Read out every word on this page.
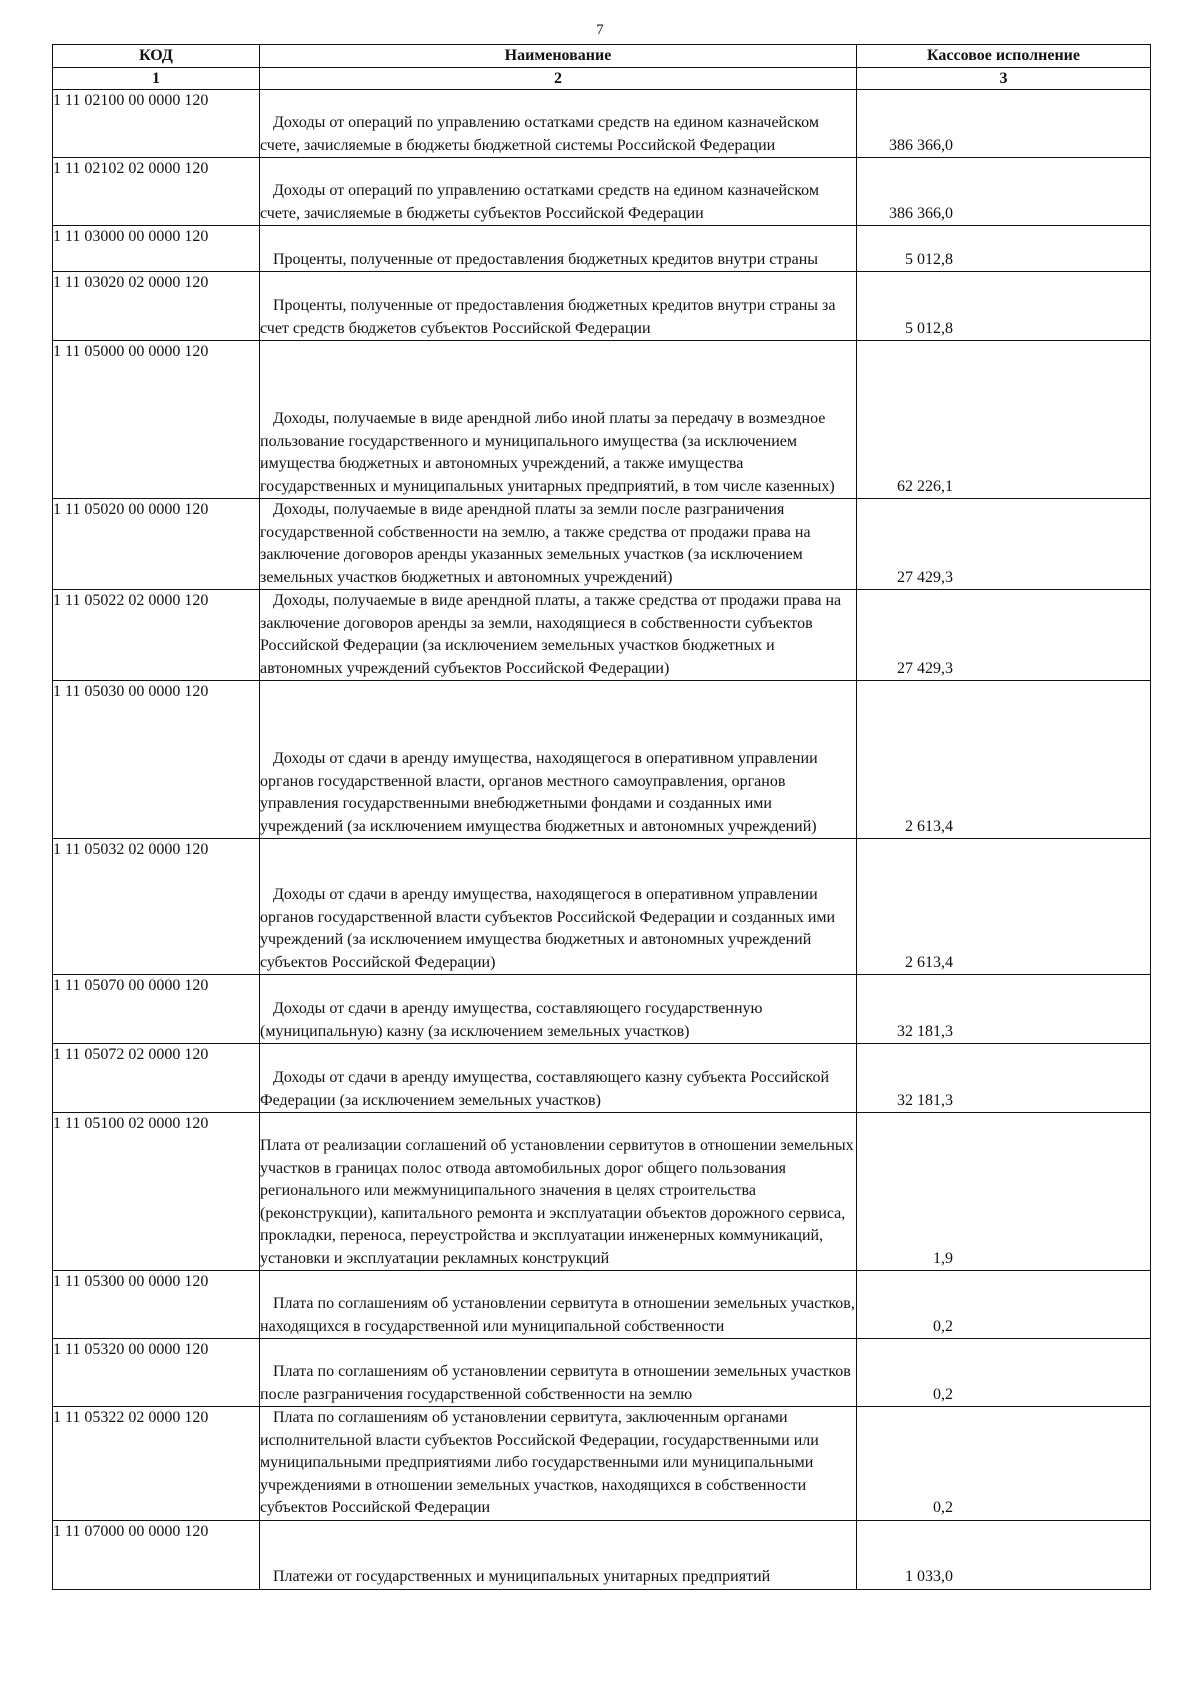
7
КОД	Наименование	Кассовое исполнение
1	2	3
1 11 02100 00 0000 120	Доходы от операций по управлению остатками средств на едином казначейском счете, зачисляемые в бюджеты бюджетной системы Российской Федерации	386 366,0
1 11 02102 02 0000 120	Доходы от операций по управлению остатками средств на едином казначейском счете, зачисляемые в бюджеты субъектов Российской Федерации	386 366,0
1 11 03000 00 0000 120	Проценты, полученные от предоставления бюджетных кредитов внутри страны	5 012,8
1 11 03020 02 0000 120	Проценты, полученные от предоставления бюджетных кредитов внутри страны за счет средств бюджетов субъектов Российской Федерации	5 012,8
1 11 05000 00 0000 120	Доходы, получаемые в виде арендной либо иной платы за передачу в возмездное пользование государственного и муниципального имущества (за исключением имущества бюджетных и автономных учреждений, а также имущества государственных и муниципальных унитарных предприятий, в том числе казенных)	62 226,1
1 11 05020 00 0000 120	Доходы, получаемые в виде арендной платы за земли после разграничения государственной собственности на землю, а также средства от продажи права на заключение договоров аренды указанных земельных участков (за исключением земельных участков бюджетных и автономных учреждений)	27 429,3
1 11 05022 02 0000 120	Доходы, получаемые в виде арендной платы, а также средства от продажи права на заключение договоров аренды за земли, находящиеся в собственности субъектов Российской Федерации (за исключением земельных участков бюджетных и автономных учреждений субъектов Российской Федерации)	27 429,3
1 11 05030 00 0000 120	Доходы от сдачи в аренду имущества, находящегося в оперативном управлении органов государственной власти, органов местного самоуправления, органов управления государственными внебюджетными фондами и созданных ими учреждений (за исключением имущества бюджетных и автономных учреждений)	2 613,4
1 11 05032 02 0000 120	Доходы от сдачи в аренду имущества, находящегося в оперативном управлении органов государственной власти субъектов Российской Федерации и созданных ими учреждений (за исключением имущества бюджетных и автономных учреждений субъектов Российской Федерации)	2 613,4
1 11 05070 00 0000 120	Доходы от сдачи в аренду имущества, составляющего государственную (муниципальную) казну (за исключением земельных участков)	32 181,3
1 11 05072 02 0000 120	Доходы от сдачи в аренду имущества, составляющего казну субъекта Российской Федерации (за исключением земельных участков)	32 181,3
1 11 05100 02 0000 120	Плата от реализации соглашений об установлении сервитутов в отношении земельных участков в границах полос отвода автомобильных дорог общего пользования регионального или межмуниципального значения в целях строительства (реконструкции), капитального ремонта и эксплуатации объектов дорожного сервиса, прокладки, переноса, переустройства и эксплуатации инженерных коммуникаций, установки и эксплуатации рекламных конструкций	1,9
1 11 05300 00 0000 120	Плата по соглашениям об установлении сервитута в отношении земельных участков, находящихся в государственной или муниципальной собственности	0,2
1 11 05320 00 0000 120	Плата по соглашениям об установлении сервитута в отношении земельных участков после разграничения государственной собственности на землю	0,2
1 11 05322 02 0000 120	Плата по соглашениям об установлении сервитута, заключенным органами исполнительной власти субъектов Российской Федерации, государственными или муниципальными предприятиями либо государственными или муниципальными учреждениями в отношении земельных участков, находящихся в собственности субъектов Российской Федерации	0,2
1 11 07000 00 0000 120	Платежи от государственных и муниципальных унитарных предприятий	1 033,0
